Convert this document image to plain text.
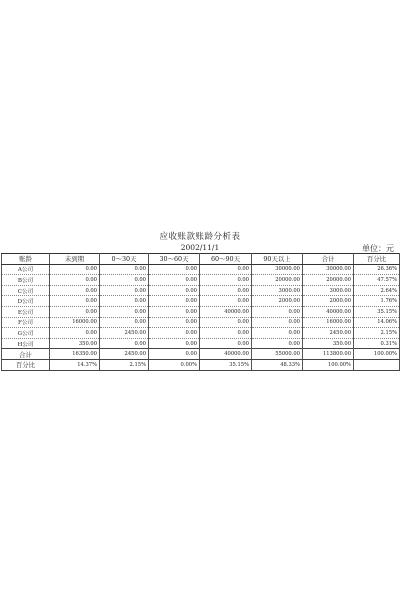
应收账款账龄分析表
2002/11/1	单位：元
账龄	未到期	0～30天	30～60天	60～90天	90天以上	合计	百分比
A公司	0.00	0.00	0.00	0.00	30000.00	30000.00	26.36%
B公司	0.00	0.00	0.00	0.00	20000.00	20000.00	47.57%
C公司	0.00	0.00	0.00	0.00	3000.00	3000.00	2.64%
D公司	0.00	0.00	0.00	0.00	2000.00	2000.00	1.76%
E公司	0.00	0.00	0.00	40000.00	0.00	40000.00	35.15%
F公司	16000.00	0.00	0.00	0.00	0.00	16000.00	14.06%
G公司	0.00	2450.00	0.00	0.00	0.00	2450.00	2.15%
H公司	350.00	0.00	0.00	0.00	0.00	350.00	0.31%
合计	16350.00	2450.00	0.00	40000.00	55000.00	113800.00	100.00%
百分比	14.37%	2.15%	0.00%	35.15%	48.33%	100.00%	
